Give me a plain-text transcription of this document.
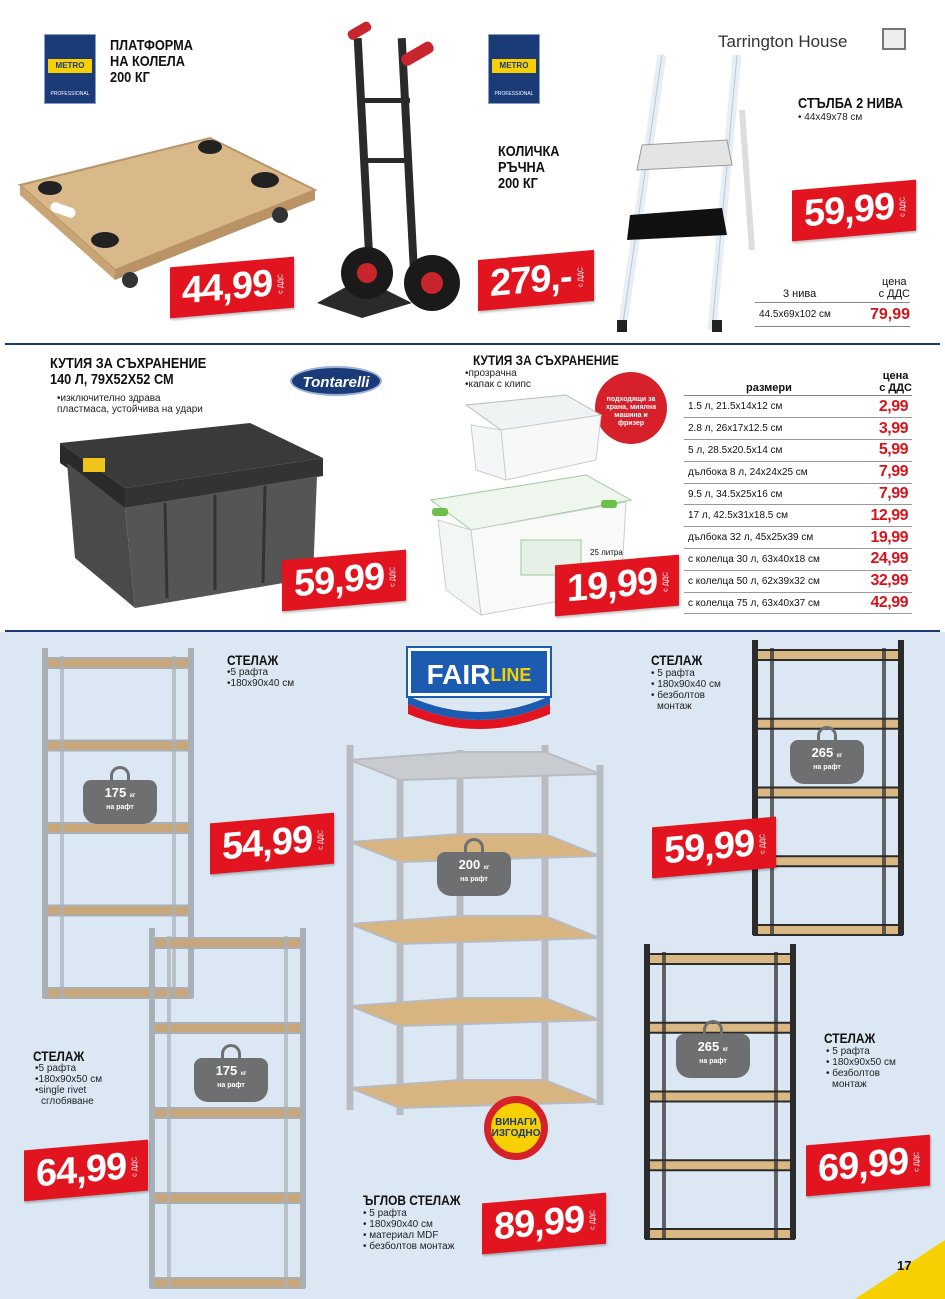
METRO
PROFESSIONAL
ПЛАТФОРМА
НА КОЛЕЛА
200 КГ
44,99 с ДДС
METRO
PROFESSIONAL
КОЛИЧКА
РЪЧНА
200 КГ
279,- с ДДС
Tarrington House
СТЪЛБА 2 НИВА
• 44x49x78 см
59,99 с ДДС
3 нива
цена
с ДДС
44.5x69x102 см 79,99
КУТИЯ ЗА СЪХРАНЕНИЕ
140 Л, 79X52X52 СМ
•изключително здрава
пластмаса, устойчива на удари
Tontarelli
59,99 с ДДС
КУТИЯ ЗА СЪХРАНЕНИЕ
•прозрачна
•капак с клипс
подходящи за храна, миялна машина и фризер
25 литра
19,99 с ДДС
размери
цена
с ДДС
1.5 л, 21.5x14x12 см	2,99
2.8 л, 26x17x12.5 см	3,99
5 л, 28.5x20.5x14 см	5,99
дълбока 8 л, 24x24x25 см	7,99
9.5 л, 34.5x25x16 см	7,99
17 л, 42.5x31x18.5 см	12,99
дълбока 32 л, 45x25x39 см	19,99
с колелца 30 л, 63x40x18 см	24,99
с колелца 50 л, 62x39x32 см	32,99
с колелца 75 л, 63x40x37 см	42,99
СТЕЛАЖ
•5 рафта
•180x90x40 см
175 кг
на рафт
54,99 с ДДС
СТЕЛАЖ
•5 рафта
•180x90x50 см
•single rivet
сглобяване
175 кг
на рафт
64,99 с ДДС
$FAIR^{LINE}$
200 кг
на рафт
ВИНАГИ
ИЗГОДНО
ЪГЛОВ СТЕЛАЖ
• 5 рафта
• 180x90x40 см
• материал MDF
• безболтов монтаж	89,99 с ДДС
СТЕЛАЖ
• 5 рафта
• 180x90x40 см
• безболтов
монтаж
265 кг
на рафт
59,99 с ДДС
265 кг
на рафт
СТЕЛАЖ
• 5 рафта
• 180x90x50 см
• безболтов
монтаж
69,99 с ДДС
17
